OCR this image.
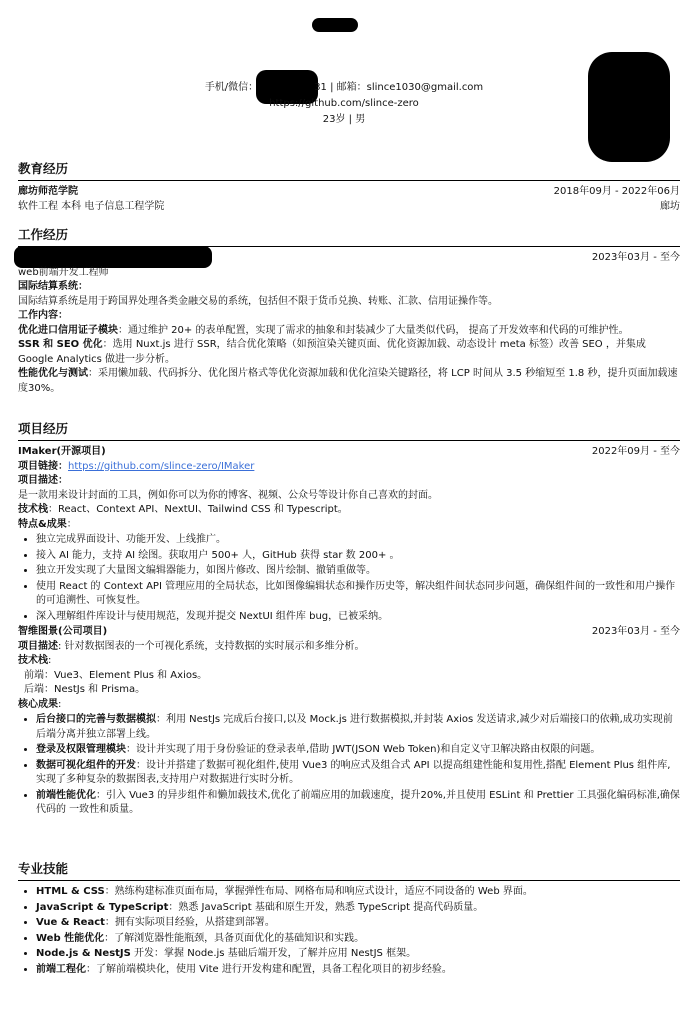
手机/微信：	31 | 邮箱：slince1030@gmail.com
https://github.com/slince-zero
23岁 | 男
教育经历
廊坊师范学院	2018年09月 - 2022年06月
软件工程 本科 电子信息工程学院	廊坊
工作经历
2023年03月 - 至今

web前端开发工程师

国际结算系统：

国际结算系统是用于跨国界处理各类金融交易的系统，包括但不限于货币兑换、转账、汇款、信用证操作等。

工作内容：

优化进口信用证子模块：通过维护 20+ 的表单配置，实现了需求的抽象和封装减少了大量类似代码， 提高了开发效率和代码的可维护性。

SSR 和 SEO 优化：选用 Nuxt.js 进行 SSR，结合优化策略（如预渲染关键页面、优化资源加载、动态设计 meta 标签）改善 SEO ，并集成 Google Analytics 做进一步分析。

性能优化与测试：采用懒加载、代码拆分、优化图片格式等优化资源加载和优化渲染关键路径，将 LCP 时间从 3.5 秒缩短至 1.8 秒，提升页面加载速度30%。

项目经历
IMaker(开源项目)	2022年09月 - 至今

项目链接：https://github.com/slince-zero/IMaker

项目描述：

是一款用来设计封面的工具，例如你可以为你的博客、视频、公众号等设计你自己喜欢的封面。

技术栈：React、Context API、NextUI、Tailwind CSS 和 Typescript。

特点&成果：

• 独立完成界面设计、功能开发、上线推广。
• 接入 AI 能力，支持 AI 绘图。获取用户 500+ 人，GitHub 获得 star 数 200+ 。
• 独立开发实现了大量图文编辑器能力，如图片修改、图片绘制、撤销重做等。
• 使用 React 的 Context API 管理应用的全局状态，比如图像编辑状态和操作历史等，解决组件间状态同步问题，确保组件间的一致性和用户操作的可追溯性、可恢复性。
• 深入理解组件库设计与使用规范，发现并提交 NextUI 组件库 bug，已被采纳。
智维图景(公司项目)	2023年03月 - 至今

项目描述: 针对数据图表的一个可视化系统，支持数据的实时展示和多维分析。

技术栈:

前端：Vue3、Element Plus 和 Axios。

后端：NestJs 和 Prisma。

核心成果:

• 后台接口的完善与数据模拟：利用 NestJs 完成后台接口,以及 Mock.js 进行数据模拟,并封装 Axios 发送请求,减少对后端接口的依赖,成功实现前后端分离并独立部署上线。
• 登录及权限管理模块：设计并实现了用于身份验证的登录表单,借助 JWT(JSON Web Token)和自定义守卫解决路由权限的问题。
• 数据可视化组件的开发：设计并搭建了数据可视化组件,使用 Vue3 的响应式及组合式 API 以提高组建性能和复用性,搭配 Element Plus 组件库,实现了多种复杂的数据图表,支持用户对数据进行实时分析。
• 前端性能优化：引入 Vue3 的异步组件和懒加载技术,优化了前端应用的加载速度，提升20%,并且使用 ESLint 和 Prettier 工具强化编码标准,确保代码的 一致性和质量。
专业技能
• HTML & CSS：熟练构建标准页面布局，掌握弹性布局、网格布局和响应式设计，适应不同设备的 Web 界面。
• JavaScript & TypeScript：熟悉 JavaScript 基础和原生开发，熟悉 TypeScript 提高代码质量。
• Vue & React：拥有实际项目经验，从搭建到部署。
• Web 性能优化：了解浏览器性能瓶颈，具备页面优化的基础知识和实践。
• Node.js & NestJS 开发：掌握 Node.js 基础后端开发，了解并应用 NestJS 框架。
• 前端工程化：了解前端模块化，使用 Vite 进行开发构建和配置，具备工程化项目的初步经验。
